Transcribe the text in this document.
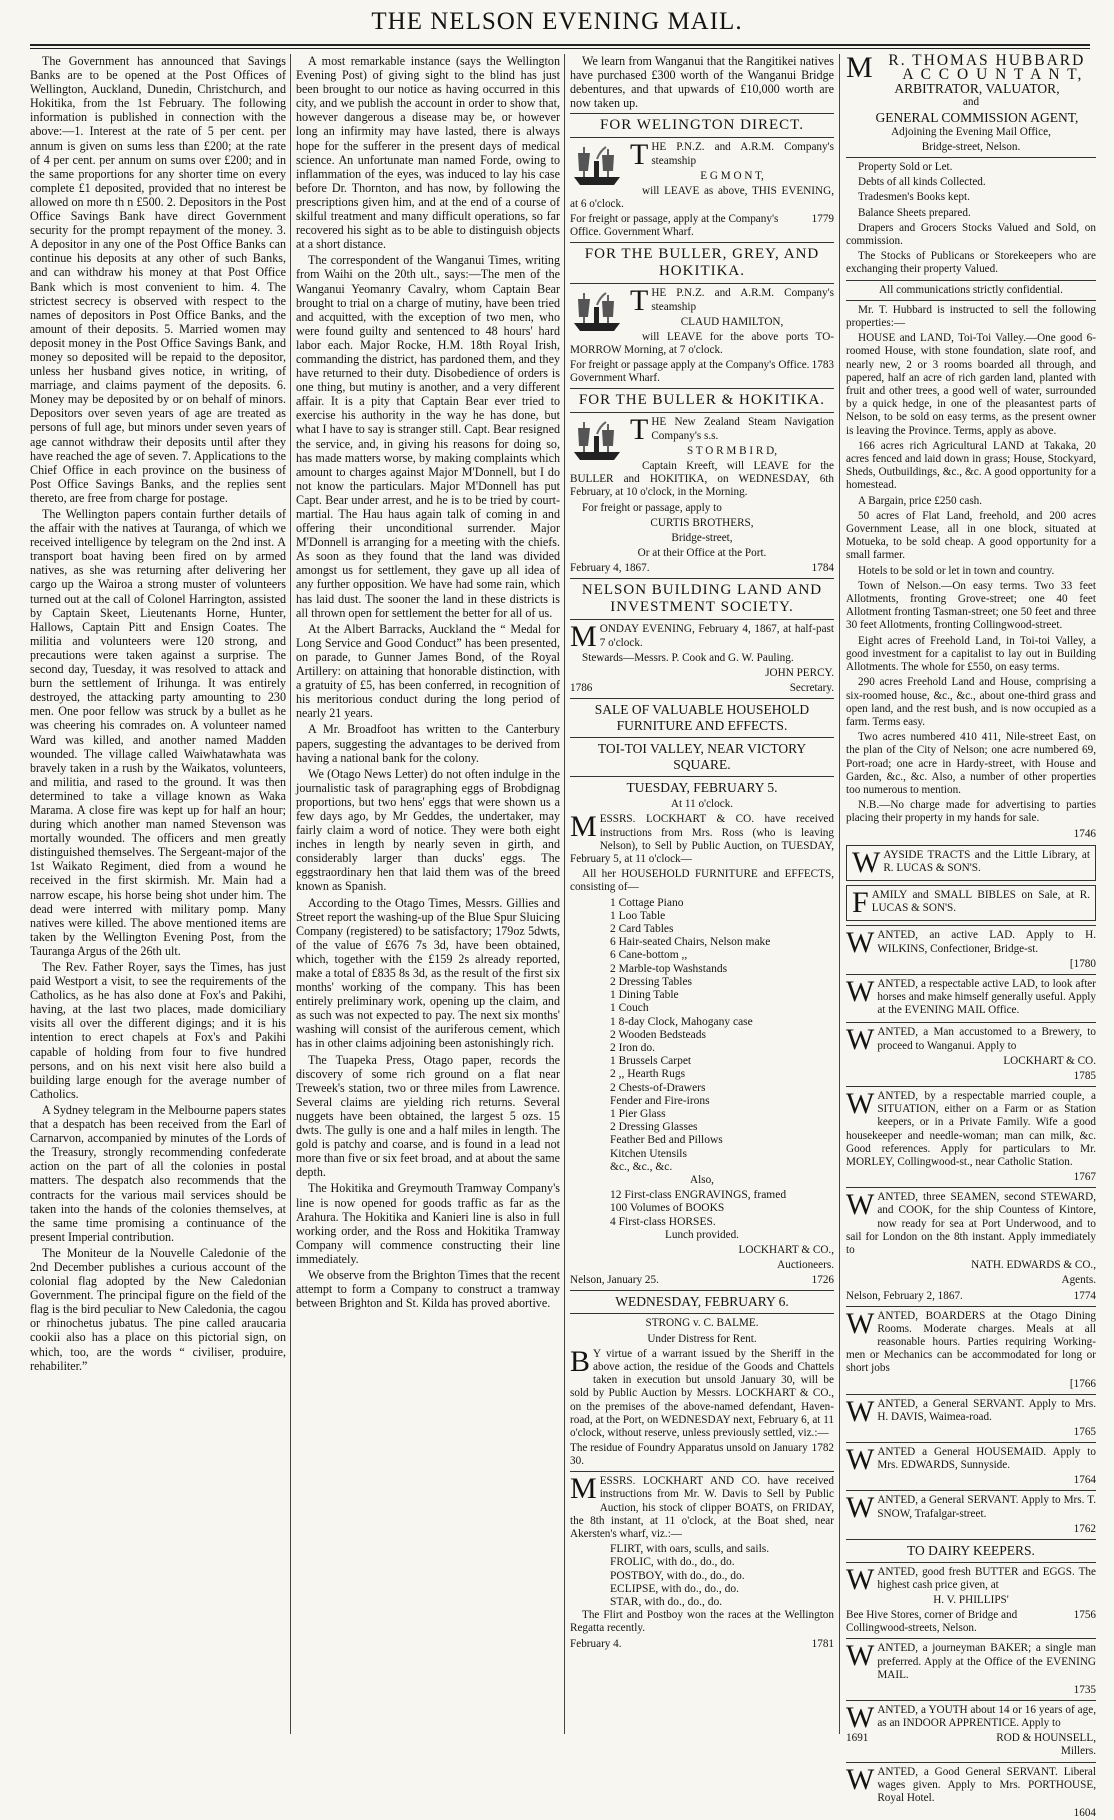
THE NELSON EVENING MAIL.

The Government has announced that Savings Banks are to be opened at the Post Offices of Wellington, Auckland, Dunedin, Christchurch, and Hokitika, from the 1st February. The following information is published in connection with the above:—1. Interest at the rate of 5 per cent. per annum is given on sums less than £200; at the rate of 4 per cent. per annum on sums over £200; and in the same proportions for any shorter time on every complete £1 deposited, provided that no interest be allowed on more th n £500. 2. Depositors in the Post Office Savings Bank have direct Government security for the prompt repayment of the money. 3. A depositor in any one of the Post Office Banks can continue his deposits at any other of such Banks, and can withdraw his money at that Post Office Bank which is most convenient to him. 4. The strictest secrecy is observed with respect to the names of depositors in Post Office Banks, and the amount of their deposits. 5. Married women may deposit money in the Post Office Savings Bank, and money so deposited will be repaid to the depositor, unless her husband gives notice, in writing, of marriage, and claims payment of the deposits. 6. Money may be deposited by or on behalf of minors. Depositors over seven years of age are treated as persons of full age, but minors under seven years of age cannot withdraw their deposits until after they have reached the age of seven. 7. Applications to the Chief Office in each province on the business of Post Office Savings Banks, and the replies sent thereto, are free from charge for postage.

The Wellington papers contain further details of the affair with the natives at Tauranga, of which we received intelligence by telegram on the 2nd inst. A transport boat having been fired on by armed natives, as she was returning after delivering her cargo up the Wairoa a strong muster of volunteers turned out at the call of Colonel Harrington, assisted by Captain Skeet, Lieutenants Horne, Hunter, Hallows, Captain Pitt and Ensign Coates. The militia and volunteers were 120 strong, and precautions were taken against a surprise. The second day, Tuesday, it was resolved to attack and burn the settlement of Irihunga. It was entirely destroyed, the attacking party amounting to 230 men. One poor fellow was struck by a bullet as he was cheering his comrades on. A volunteer named Ward was killed, and another named Madden wounded. The village called Waiwhatawhata was bravely taken in a rush by the Waikatos, volunteers, and militia, and rased to the ground. It was then determined to take a village known as Waka Marama. A close fire was kept up for half an hour; during which another man named Stevenson was mortally wounded. The officers and men greatly distinguished themselves. The Sergeant-major of the 1st Waikato Regiment, died from a wound he received in the first skirmish. Mr. Main had a narrow escape, his horse being shot under him. The dead were interred with military pomp. Many natives were killed. The above mentioned items are taken by the Wellington Evening Post, from the Tauranga Argus of the 26th ult.

The Rev. Father Royer, says the Times, has just paid Westport a visit, to see the requirements of the Catholics, as he has also done at Fox's and Pakihi, having, at the last two places, made domiciliary visits all over the different digings; and it is his intention to erect chapels at Fox's and Pakihi capable of holding from four to five hundred persons, and on his next visit here also build a building large enough for the average number of Catholics.

A Sydney telegram in the Melbourne papers states that a despatch has been received from the Earl of Carnarvon, accompanied by minutes of the Lords of the Treasury, strongly recommending confederate action on the part of all the colonies in postal matters. The despatch also recommends that the contracts for the various mail services should be taken into the hands of the colonies themselves, at the same time promising a continuance of the present Imperial contribution.

The Moniteur de la Nouvelle Caledonie of the 2nd December publishes a curious account of the colonial flag adopted by the New Caledonian Government. The principal figure on the field of the flag is the bird peculiar to New Caledonia, the cagou or rhinochetus jubatus. The pine called araucaria cookii also has a place on this pictorial sign, on which, too, are the words “ civiliser, produire, rehabiliter.”

A most remarkable instance (says the Wellington Evening Post) of giving sight to the blind has just been brought to our notice as having occurred in this city, and we publish the account in order to show that, however dangerous a disease may be, or however long an infirmity may have lasted, there is always hope for the sufferer in the present days of medical science. An unfortunate man named Forde, owing to inflammation of the eyes, was induced to lay his case before Dr. Thornton, and has now, by following the prescriptions given him, and at the end of a course of skilful treatment and many difficult operations, so far recovered his sight as to be able to distinguish objects at a short distance.

The correspondent of the Wanganui Times, writing from Waihi on the 20th ult., says:—The men of the Wanganui Yeomanry Cavalry, whom Captain Bear brought to trial on a charge of mutiny, have been tried and acquitted, with the exception of two men, who were found guilty and sentenced to 48 hours' hard labor each. Major Rocke, H.M. 18th Royal Irish, commanding the district, has pardoned them, and they have returned to their duty. Disobedience of orders is one thing, but mutiny is another, and a very different affair. It is a pity that Captain Bear ever tried to exercise his authority in the way he has done, but what I have to say is stranger still. Capt. Bear resigned the service, and, in giving his reasons for doing so, has made matters worse, by making complaints which amount to charges against Major M'Donnell, but I do not know the particulars. Major M'Donnell has put Capt. Bear under arrest, and he is to be tried by court-martial. The Hau haus again talk of coming in and offering their unconditional surrender. Major M'Donnell is arranging for a meeting with the chiefs. As soon as they found that the land was divided amongst us for settlement, they gave up all idea of any further opposition. We have had some rain, which has laid dust. The sooner the land in these districts is all thrown open for settlement the better for all of us.

At the Albert Barracks, Auckland the “ Medal for Long Service and Good Conduct” has been presented, on parade, to Gunner James Bond, of the Royal Artillery: on attaining that honorable distinction, with a gratuity of £5, has been conferred, in recognition of his meritorious conduct during the long period of nearly 21 years.

A Mr. Broadfoot has written to the Canterbury papers, suggesting the advantages to be derived from having a national bank for the colony.

We (Otago News Letter) do not often indulge in the journalistic task of paragraphing eggs of Brobdignag proportions, but two hens' eggs that were shown us a few days ago, by Mr Geddes, the undertaker, may fairly claim a word of notice. They were both eight inches in length by nearly seven in girth, and considerably larger than ducks' eggs. The eggstraordinary hen that laid them was of the breed known as Spanish.

According to the Otago Times, Messrs. Gillies and Street report the washing-up of the Blue Spur Sluicing Company (registered) to be satisfactory; 179oz 5dwts, of the value of £676 7s 3d, have been obtained, which, together with the £159 2s already reported, make a total of £835 8s 3d, as the result of the first six months' working of the company. This has been entirely preliminary work, opening up the claim, and as such was not expected to pay. The next six months' washing will consist of the auriferous cement, which has in other claims adjoining been astonishingly rich.

The Tuapeka Press, Otago paper, records the discovery of some rich ground on a flat near Treweek's station, two or three miles from Lawrence. Several claims are yielding rich returns. Several nuggets have been obtained, the largest 5 ozs. 15 dwts. The gully is one and a half miles in length. The gold is patchy and coarse, and is found in a lead not more than five or six feet broad, and at about the same depth.

The Hokitika and Greymouth Tramway Company's line is now opened for goods traffic as far as the Arahura. The Hokitika and Kanieri line is also in full working order, and the Ross and Hokitika Tramway Company will commence constructing their line immediately.

We observe from the Brighton Times that the recent attempt to form a Company to construct a tramway between Brighton and St. Kilda has proved abortive.

We learn from Wanganui that the Rangitikei natives have purchased £300 worth of the Wanganui Bridge debentures, and that upwards of £10,000 worth are now taken up.

FOR WELINGTON DIRECT.

THE P.N.Z. and A.R.M. Company's steamship

E G M O N T,

will LEAVE as above, THIS EVENING, at 6 o'clock.

For freight or passage, apply at the Company's Office. Government Wharf.
1779
FOR THE BULLER, GREY, AND HOKITIKA.

THE P.N.Z. and A.R.M. Company's steamship

CLAUD HAMILTON,

will LEAVE for the above ports TO-MORROW Morning, at 7 o'clock.

For freight or passage apply at the Company's Office. Government Wharf.
1783
FOR THE BULLER & HOKITIKA.

THE New Zealand Steam Navigation Company's s.s.

S T O R M B I R D,

Captain Kreeft, will LEAVE for the BULLER and HOKITIKA, on WEDNESDAY, 6th February, at 10 o'clock, in the Morning.

For freight or passage, apply to

CURTIS BROTHERS,

Bridge-street,

Or at their Office at the Port.

February 4, 1867.	1784
NELSON BUILDING LAND AND INVESTMENT SOCIETY.

MONDAY EVENING, February 4, 1867, at half-past 7 o'clock.

Stewards—Messrs. P. Cook and G. W. Pauling.

JOHN PERCY.

1786	Secretary.
SALE OF VALUABLE HOUSEHOLD FURNITURE AND EFFECTS.
TOI-TOI VALLEY, NEAR VICTORY SQUARE.
TUESDAY, FEBRUARY 5.

At 11 o'clock.

MESSRS. LOCKHART & CO. have received instructions from Mrs. Ross (who is leaving Nelson), to Sell by Public Auction, on TUESDAY, February 5, at 11 o'clock—

All her HOUSEHOLD FURNITURE and EFFECTS, consisting of—

1 Cottage Piano
1 Loo Table
2 Card Tables
6 Hair-seated Chairs, Nelson make
6 Cane-bottom ,,
2 Marble-top Washstands
2 Dressing Tables
1 Dining Table
1 Couch
1 8-day Clock, Mahogany case
2 Wooden Bedsteads
2 Iron do.
1 Brussels Carpet
2 ,, Hearth Rugs
2 Chests-of-Drawers
Fender and Fire-irons
1 Pier Glass
2 Dressing Glasses
Feather Bed and Pillows
Kitchen Utensils
&c., &c., &c.

Also,

12 First-class ENGRAVINGS, framed
100 Volumes of BOOKS
4 First-class HORSES.

Lunch provided.

LOCKHART & CO.,

Auctioneers.

Nelson, January 25.	1726
WEDNESDAY, FEBRUARY 6.

STRONG v. C. BALME.

Under Distress for Rent.

B Y virtue of a warrant issued by the Sheriff in the above action, the residue of the Goods and Chattels taken in execution but unsold January 30, will be sold by Public Auction by Messrs. LOCKHART & CO., on the premises of the above-named defendant, Haven-road, at the Port, on WEDNESDAY next, February 6, at 11 o'clock, without reserve, unless previously settled, viz.:—

The residue of Foundry Apparatus unsold on January 30.
1782

MESSRS. LOCKHART AND CO. have received instructions from Mr. W. Davis to Sell by Public Auction, his stock of clipper BOATS, on FRIDAY, the 8th instant, at 11 o'clock, at the Boat shed, near Akersten's wharf, viz.:—

FLIRT, with oars, sculls, and sails.
FROLIC, with do., do., do.
POSTBOY, with do., do., do.
ECLIPSE, with do., do., do.
STAR, with do., do., do.

The Flirt and Postboy won the races at the Wellington Regatta recently.

February 4.	1781

M R. THOMAS HUBBARD

A C C O U N T A N T,

ARBITRATOR, VALUATOR,

and

GENERAL COMMISSION AGENT,

Adjoining the Evening Mail Office,

Bridge-street, Nelson.

Property Sold or Let.

Debts of all kinds Collected.

Tradesmen's Books kept.

Balance Sheets prepared.

Drapers and Grocers Stocks Valued and Sold, on commission.

The Stocks of Publicans or Storekeepers who are exchanging their property Valued.

All communications strictly confidential.

Mr. T. Hubbard is instructed to sell the following properties:—

HOUSE and LAND, Toi-Toi Valley.—One good 6-roomed House, with stone foundation, slate roof, and nearly new, 2 or 3 rooms boarded all through, and papered, half an acre of rich garden land, planted with fruit and other trees, a good well of water, surrounded by a quick hedge, in one of the pleasantest parts of Nelson, to be sold on easy terms, as the present owner is leaving the Province. Terms, apply as above.

166 acres rich Agricultural LAND at Takaka, 20 acres fenced and laid down in grass; House, Stockyard, Sheds, Outbuildings, &c., &c. A good opportunity for a homestead.

A Bargain, price £250 cash.

50 acres of Flat Land, freehold, and 200 acres Government Lease, all in one block, situated at Motueka, to be sold cheap. A good opportunity for a small farmer.

Hotels to be sold or let in town and country.

Town of Nelson.—On easy terms. Two 33 feet Allotments, fronting Grove-street; one 40 feet Allotment fronting Tasman-street; one 50 feet and three 30 feet Allotments, fronting Collingwood-street.

Eight acres of Freehold Land, in Toi-toi Valley, a good investment for a capitalist to lay out in Building Allotments. The whole for £550, on easy terms.

290 acres Freehold Land and House, comprising a six-roomed house, &c., &c., about one-third grass and open land, and the rest bush, and is now occupied as a farm. Terms easy.

Two acres numbered 410 411, Nile-street East, on the plan of the City of Nelson; one acre numbered 69, Port-road; one acre in Hardy-street, with House and Garden, &c., &c. Also, a number of other properties too numerous to mention.

N.B.—No charge made for advertising to parties placing their property in my hands for sale.

1746

WAYSIDE TRACTS and the Little Library, at R. LUCAS & SON'S.

FAMILY and SMALL BIBLES on Sale, at R. LUCAS & SON'S.

WANTED, an active LAD. Apply to H. WILKINS, Confectioner, Bridge-st.

[1780

WANTED, a respectable active LAD, to look after horses and make himself generally useful. Apply at the EVENING MAIL Office.

WANTED, a Man accustomed to a Brewery, to proceed to Wanganui. Apply to

LOCKHART & CO.

1785

WANTED, by a respectable married couple, a SITUATION, either on a Farm or as Station keepers, or in a Private Family. Wife a good housekeeper and needle-woman; man can milk, &c. Good references. Apply for particulars to Mr. MORLEY, Collingwood-st., near Catholic Station.

1767

WANTED, three SEAMEN, second STEWARD, and COOK, for the ship Countess of Kintore, now ready for sea at Port Underwood, and to sail for London on the 8th instant. Apply immediately to

NATH. EDWARDS & CO.,

Agents.

Nelson, February 2, 1867.	1774

WANTED, BOARDERS at the Otago Dining Rooms. Moderate charges. Meals at all reasonable hours. Parties requiring Working-men or Mechanics can be accommodated for long or short jobs

[1766

WANTED, a General SERVANT. Apply to Mrs. H. DAVIS, Waimea-road.

1765

WANTED a General HOUSEMAID. Apply to Mrs. EDWARDS, Sunnyside.

1764

WANTED, a General SERVANT. Apply to Mrs. T. SNOW, Trafalgar-street.

1762
TO DAIRY KEEPERS.

WANTED, good fresh BUTTER and EGGS. The highest cash price given, at

H. V. PHILLIPS'

Bee Hive Stores, corner of Bridge and Collingwood-streets, Nelson.
1756

WANTED, a journeyman BAKER; a single man preferred. Apply at the Office of the EVENING MAIL.

1735

WANTED, a YOUTH about 14 or 16 years of age, as an INDOOR APPRENTICE. Apply to

1691	ROD & HOUNSELL,

Millers.

WANTED, a Good General SERVANT. Liberal wages given. Apply to Mrs. PORTHOUSE, Royal Hotel.

1604
